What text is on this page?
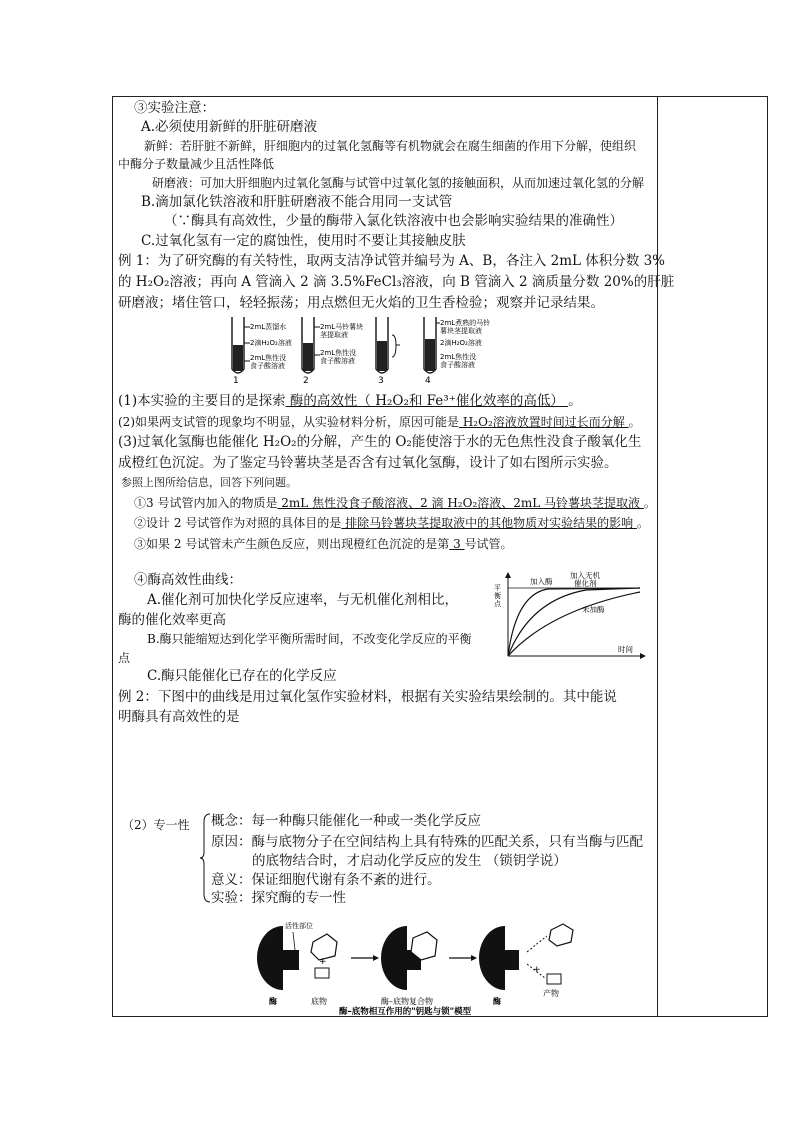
③实验注意：
A.必须使用新鲜的肝脏研磨液
新鲜：若肝脏不新鲜，肝细胞内的过氧化氢酶等有机物就会在腐生细菌的作用下分解，使组织
中酶分子数量减少且活性降低
研磨液：可加大肝细胞内过氧化氢酶与试管中过氧化氢的接触面积，从而加速过氧化氢的分解
B.滴加氯化铁溶液和肝脏研磨液不能合用同一支试管
（∵酶具有高效性，少量的酶带入氯化铁溶液中也会影响实验结果的准确性）
C.过氧化氢有一定的腐蚀性，使用时不要让其接触皮肤
例 1：为了研究酶的有关特性，取两支洁净试管并编号为 A、B，各注入 2mL 体积分数 3%
的 H₂O₂溶液；再向 A 管滴入 2 滴 3.5%FeCl₃溶液，向 B 管滴入 2 滴质量分数 20%的肝脏
研磨液；堵住管口，轻轻振荡；用点燃但无火焰的卫生香检验；观察并记录结果。
2mL蒸馏水
2滴H₂O₂溶液
2mL焦性没
食子酸溶液
1
2mL马铃薯块
茎提取液
2mL焦性没
食子酸溶液
2	3
2mL煮熟的马铃
薯块茎提取液
2滴H₂O₂溶液
2mL焦性没
食子酸溶液
4
(1)本实验的主要目的是探索 酶的高效性（ H₂O₂和 Fe³⁺催化效率的高低） 。
(2)如果两支试管的现象均不明显，从实验材料分析，原因可能是 H₂O₂溶液放置时间过长而分解 。
(3)过氧化氢酶也能催化 H₂O₂的分解，产生的 O₂能使溶于水的无色焦性没食子酸氧化生
成橙红色沉淀。为了鉴定马铃薯块茎是否含有过氧化氢酶，设计了如右图所示实验。
参照上图所给信息，回答下列问题。
①3 号试管内加入的物质是 2mL 焦性没食子酸溶液、2 滴 H₂O₂溶液、2mL 马铃薯块茎提取液 。
②设计 2 号试管作为对照的具体目的是 排除马铃薯块茎提取液中的其他物质对实验结果的影响 。
③如果 2 号试管未产生颜色反应，则出现橙红色沉淀的是第 3 号试管。
④酶高效性曲线：
A.催化剂可加快化学反应速率，与无机催化剂相比，
酶的催化效率更高
B.酶只能缩短达到化学平衡所需时间，不改变化学反应的平衡
点
C.酶只能催化已存在的化学反应
平
衡
点
加入酶
加入无机
催化剂
未加酶
时间
例 2：下图中的曲线是用过氧化氢作实验材料，根据有关实验结果绘制的。其中能说
明酶具有高效性的是
（2）专一性 概念：每一种酶只能催化一种或一类化学反应
原因：酶与底物分子在空间结构上具有特殊的匹配关系，只有当酶与匹配
的底物结合时，才启动化学反应的发生 （锁钥学说）
意义：保证细胞代谢有条不紊的进行。
实验：探究酶的专一性
活性部位
酶
+
底物	酶–底物复合物	酶
+
产物
酶–底物相互作用的"钥匙与锁"模型
